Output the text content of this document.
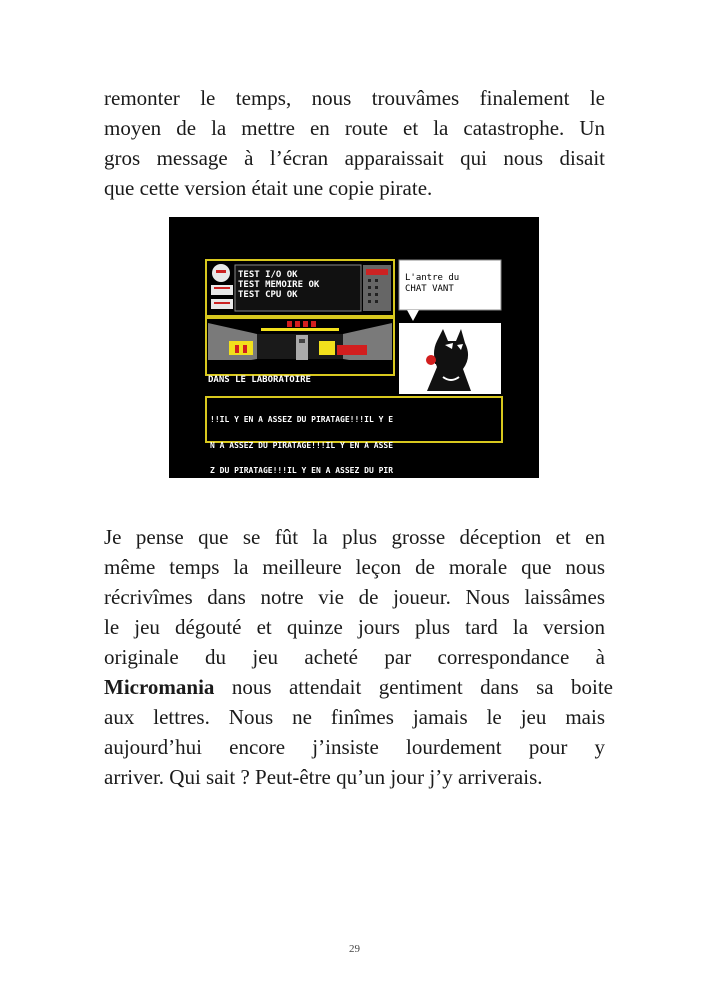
remonter le temps, nous trouvâmes finalement le
moyen de la mettre en route et la catastrophe. Un
gros message à l’écran apparaissait qui nous disait
que cette version était une copie pirate.
TEST I/O OK
TEST MEMOIRE OK
TEST CPU OK
L'antre du
CHAT VANT
DANS LE LABORATOIRE

!!IL Y EN A ASSEZ DU PIRATAGE!!!IL Y E

N A ASSEZ DU PIRATAGE!!!IL Y EN A ASSE

Z DU PIRATAGE!!!IL Y EN A ASSEZ DU PIR

ATAGE!!!IL Y EN A ASSEZ DU PIRATAGE!!!

IL Y EN A ASSEZ DU PIRATAGE!!!IL Y EN

Je pense que se fût la plus grosse déception et en
même temps la meilleure leçon de morale que nous
récrivîmes dans notre vie de joueur. Nous laissâmes
le jeu dégouté et quinze jours plus tard la version
originale du jeu acheté par correspondance à
Micromania nous attendait gentiment dans sa boite
aux lettres. Nous ne finîmes jamais le jeu mais
aujourd’hui encore j’insiste lourdement pour y
arriver. Qui sait ? Peut-être qu’un jour j’y arriverais.
29
